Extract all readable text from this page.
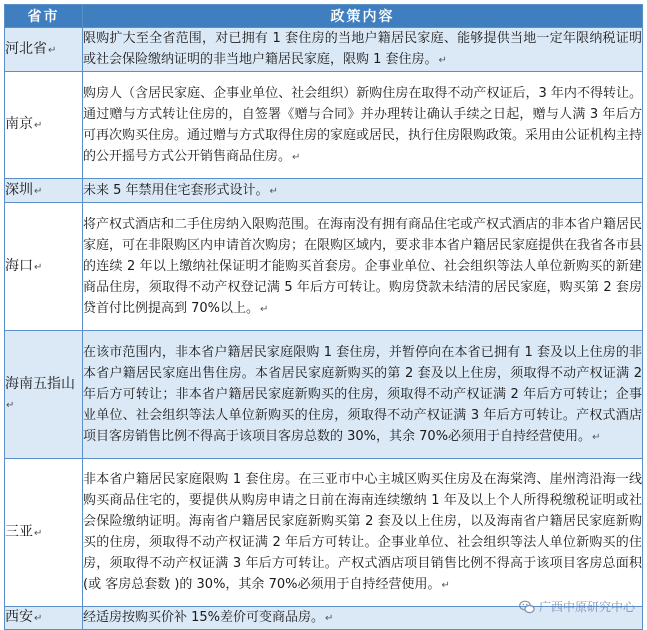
省市	政策内容
河北省↵	限购扩大至全省范围，对已拥有 1 套住房的当地户籍居民家庭、能够提供当地一定年限纳税证明或社会保险缴纳证明的非当地户籍居民家庭，限购 1 套住房。↵
南京↵	购房人（含居民家庭、企事业单位、社会组织）新购住房在取得不动产权证后，3 年内不得转让。通过赠与方式转让住房的，自签署《赠与合同》并办理转让确认手续之日起，赠与人满 3 年后方可再次购买住房。通过赠与方式取得住房的家庭或居民，执行住房限购政策。采用由公证机构主持的公开摇号方式公开销售商品住房。↵
深圳↵	未来 5 年禁用住宅套形式设计。↵
海口↵	将产权式酒店和二手住房纳入限购范围。在海南没有拥有商品住宅或产权式酒店的非本省户籍居民家庭，可在非限购区内申请首次购房；在限购区域内，要求非本省户籍居民家庭提供在我省各市县的连续 2 年以上缴纳社保证明才能购买首套房。企事业单位、社会组织等法人单位新购买的新建商品住房，须取得不动产权登记满 5 年后方可转让。购房贷款未结清的居民家庭，购买第 2 套房贷首付比例提高到 70%以上。↵
海南五指山↵	在该市范围内，非本省户籍居民家庭限购 1 套住房，并暂停向在本省已拥有 1 套及以上住房的非本省户籍居民家庭出售住房。本省居民家庭新购买的第 2 套及以上住房，须取得不动产权证满 2 年后方可转让；非本省户籍居民家庭新购买的住房，须取得不动产权证满 2 年后方可转让；企事业单位、社会组织等法人单位新购买的住房，须取得不动产权证满 3 年后方可转让。产权式酒店项目客房销售比例不得高于该项目客房总数的 30%，其余 70%必须用于自持经营使用。↵
三亚↵	非本省户籍居民家庭限购 1 套住房。在三亚市中心主城区购买住房及在海棠湾、崖州湾沿海一线购买商品住宅的，要提供从购房申请之日前在海南连续缴纳 1 年及以上个人所得税缴税证明或社会保险缴纳证明。海南省户籍居民家庭新购买第 2 套及以上住房，以及海南省户籍居民家庭新购买的住房，须取得不动产权证满 2 年后方可转让。企事业单位、社会组织等法人单位新购买的住房，须取得不动产权证满 3 年后方可转让。产权式酒店项目销售比例不得高于该项目客房总面积(或 客房总套数 )的 30%，其余 70%必须用于自持经营使用。↵
西安↵	经适房按购买价补 15%差价可变商品房。↵
广西中原研究中心
